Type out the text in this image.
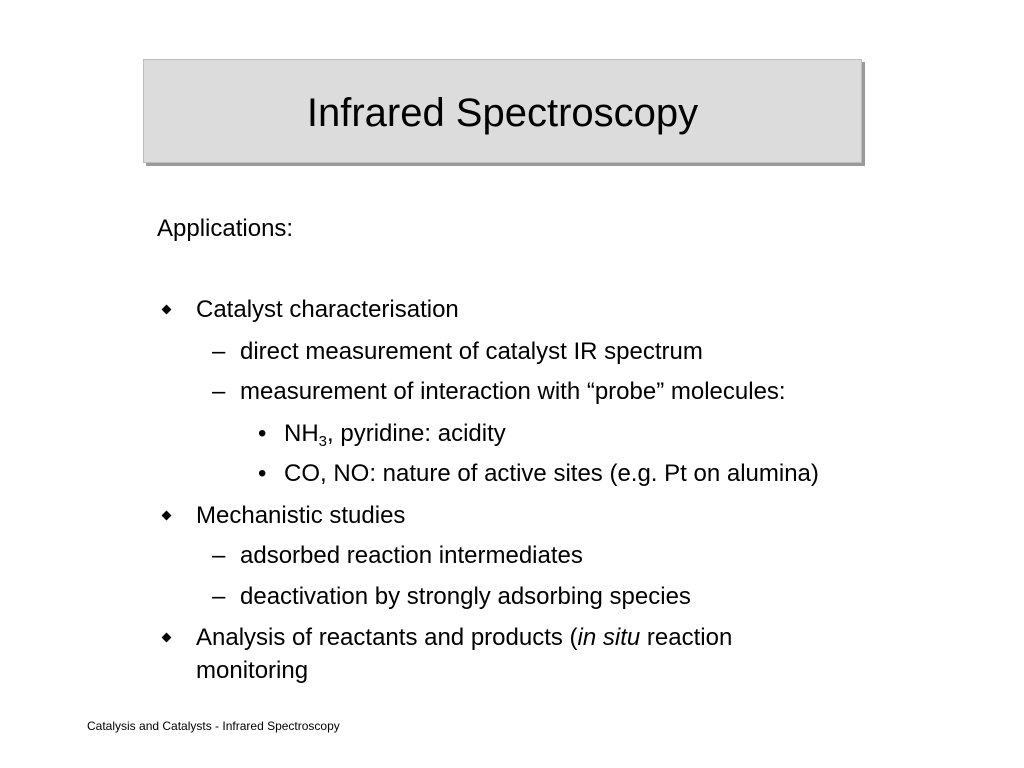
Infrared Spectroscopy
Applications:
Catalyst characterisation
– direct measurement of catalyst IR spectrum
– measurement of interaction with “probe” molecules:
• $NH_3$, pyridine: acidity
• CO, NO: nature of active sites (e.g. Pt on alumina)
Mechanistic studies
– adsorbed reaction intermediates
– deactivation by strongly adsorbing species
Analysis of reactants and products (in situ reaction
monitoring
Catalysis and Catalysts - Infrared Spectroscopy
